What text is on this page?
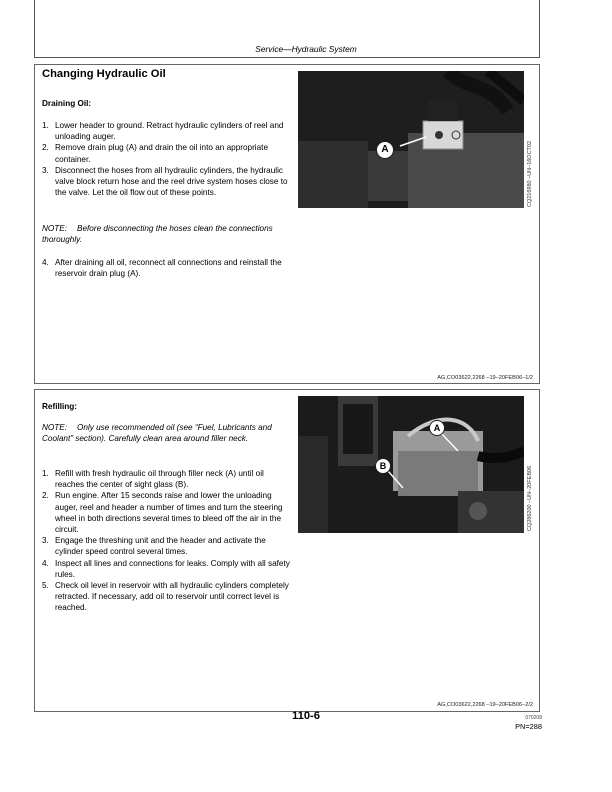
Service—Hydraulic System
Changing Hydraulic Oil
Draining Oil:
1. Lower header to ground. Retract hydraulic cylinders of reel and unloading auger.
2. Remove drain plug (A) and drain the oil into an appropriate container.
3. Disconnect the hoses from all hydraulic cylinders, the hydraulic valve block return hose and the reel drive system hoses close to the valve. Let the oil flow out of these points.
NOTE:	Before disconnecting the hoses clean the connections thoroughly.
4. After draining all oil, reconnect all connections and reinstall the reservoir drain plug (A).
A	CQ216980 –UN–16OCT02
AG,CO03622,2268 –19–20FEB06–1/2
Refilling:
NOTE:	Only use recommended oil (see “Fuel, Lubricants and Coolant” section). Carefully clean area around filler neck.
1. Refill with fresh hydraulic oil through filler neck (A) until oil reaches the center of sight glass (B).
2. Run engine. After 15 seconds raise and lower the unloading auger, reel and header a number of times and turn the steering wheel in both directions several times to bleed off the air in the circuit.
3. Engage the threshing unit and the header and activate the cylinder speed control several times.
4. Inspect all lines and connections for leaks. Comply with all safety rules.
5. Check oil level in reservoir with all hydraulic cylinders completely retracted. If necessary, add oil to reservoir until correct level is reached.
A
B	CQ286200 –UN–20FEB06
AG,CO03622,2268 –19–20FEB06–2/2
110-6	070208
PN=288
